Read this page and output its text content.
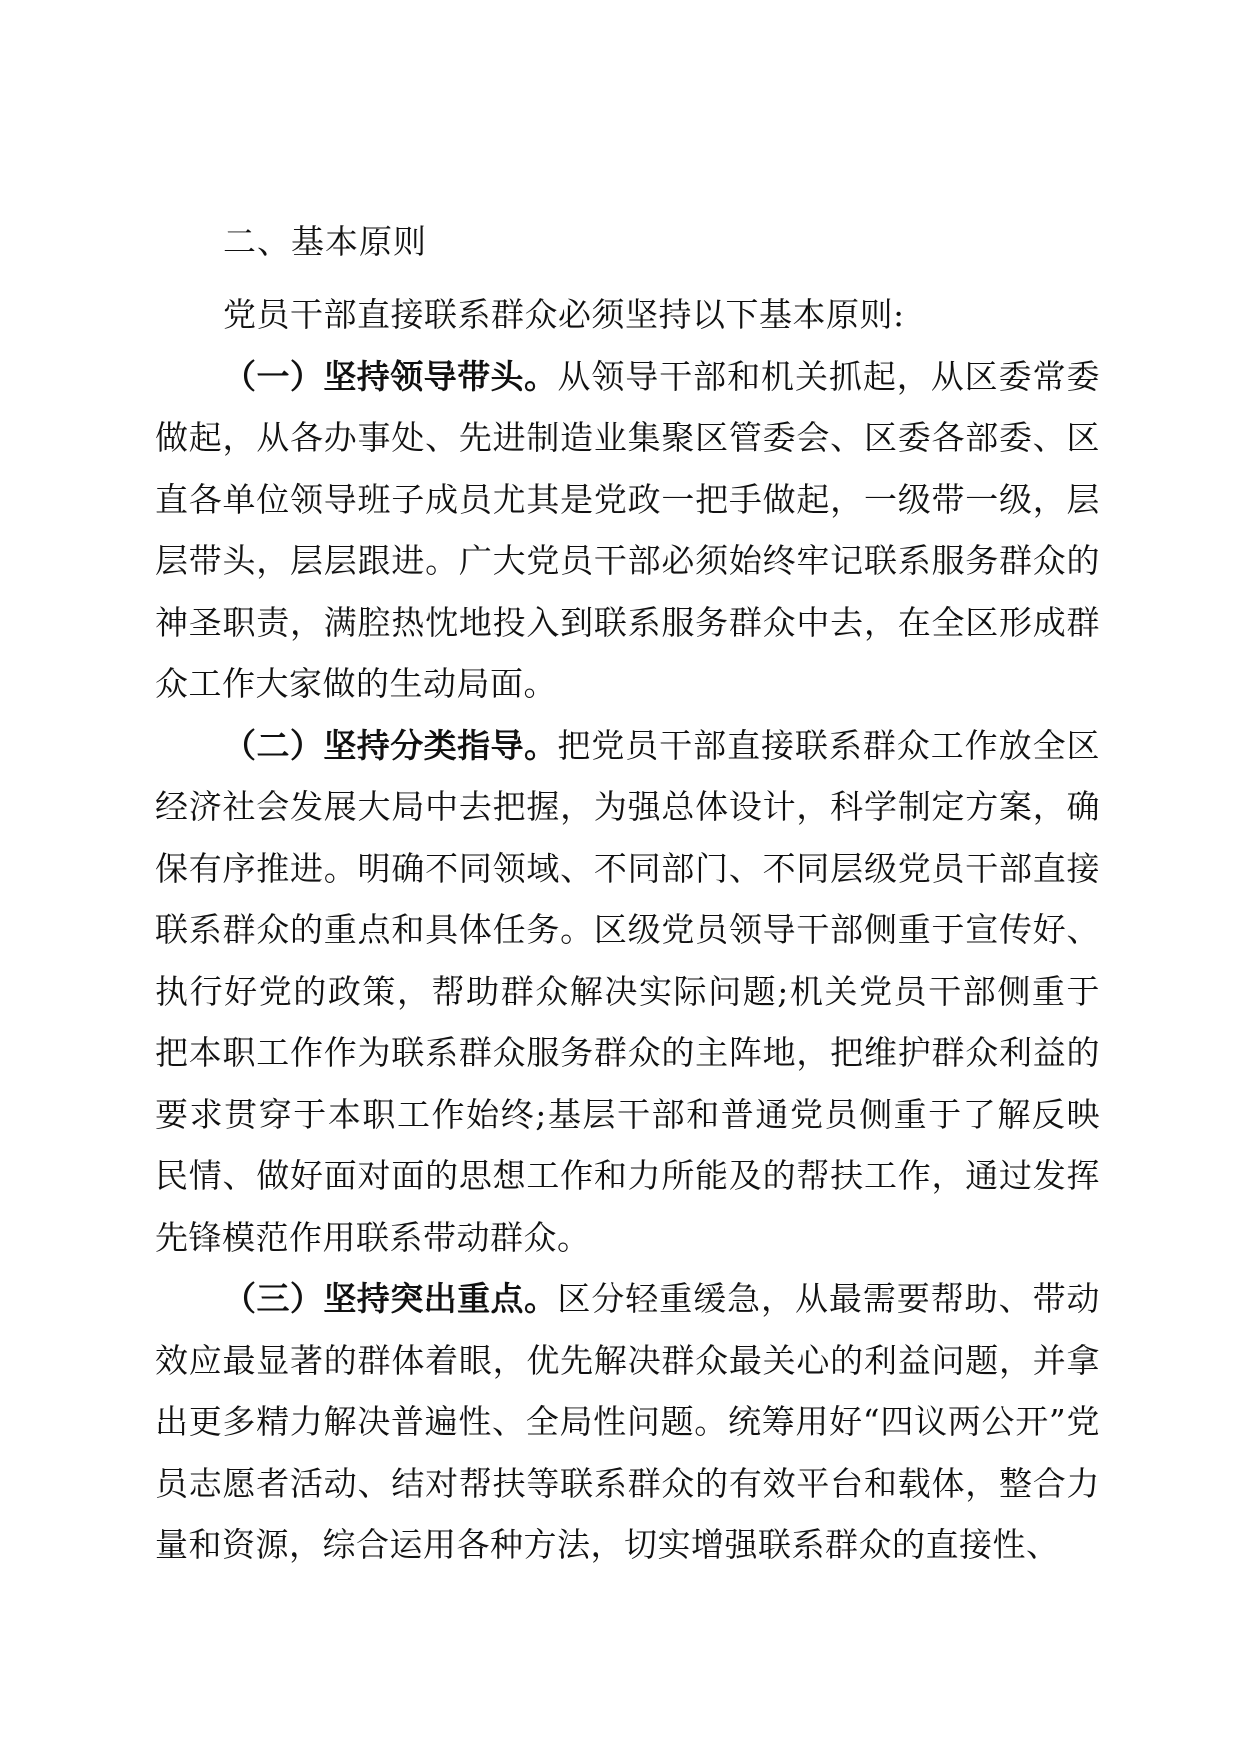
二、基本原则

党员干部直接联系群众必须坚持以下基本原则:

（一）坚持领导带头。从领导干部和机关抓起，从区委常委做起，从各办事处、先进制造业集聚区管委会、区委各部委、区直各单位领导班子成员尤其是党政一把手做起，一级带一级，层层带头，层层跟进。广大党员干部必须始终牢记联系服务群众的神圣职责，满腔热忱地投入到联系服务群众中去，在全区形成群众工作大家做的生动局面。

（二）坚持分类指导。把党员干部直接联系群众工作放全区经济社会发展大局中去把握，为强总体设计，科学制定方案，确保有序推进。明确不同领域、不同部门、不同层级党员干部直接联系群众的重点和具体任务。区级党员领导干部侧重于宣传好、执行好党的政策，帮助群众解决实际问题;机关党员干部侧重于把本职工作作为联系群众服务群众的主阵地，把维护群众利益的要求贯穿于本职工作始终;基层干部和普通党员侧重于了解反映民情、做好面对面的思想工作和力所能及的帮扶工作，通过发挥先锋模范作用联系带动群众。

（三）坚持突出重点。区分轻重缓急，从最需要帮助、带动效应最显著的群体着眼，优先解决群众最关心的利益问题，并拿出更多精力解决普遍性、全局性问题。统筹用好“四议两公开”党员志愿者活动、结对帮扶等联系群众的有效平台和载体，整合力量和资源，综合运用各种方法，切实增强联系群众的直接性、
